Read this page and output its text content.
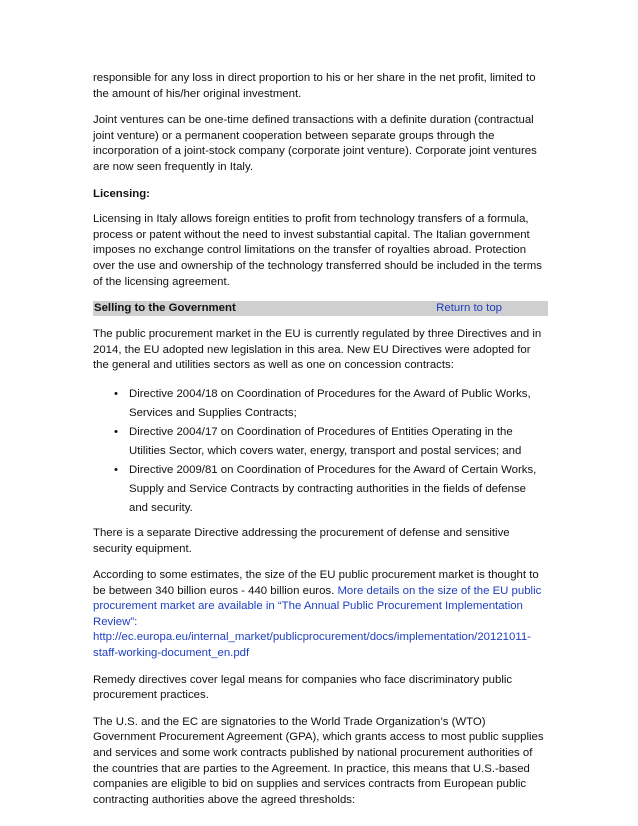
responsible for any loss in direct proportion to his or her share in the net profit, limited to the amount of his/her original investment.

Joint ventures can be one-time defined transactions with a definite duration (contractual joint venture) or a permanent cooperation between separate groups through the incorporation of a joint-stock company (corporate joint venture). Corporate joint ventures are now seen frequently in Italy.

Licensing:

Licensing in Italy allows foreign entities to profit from technology transfers of a formula, process or patent without the need to invest substantial capital. The Italian government imposes no exchange control limitations on the transfer of royalties abroad. Protection over the use and ownership of the technology transferred should be included in the terms of the licensing agreement.

Selling to the Government	Return to top

The public procurement market in the EU is currently regulated by three Directives and in 2014, the EU adopted new legislation in this area. New EU Directives were adopted for the general and utilities sectors as well as one on concession contracts:

• Directive 2004/18 on Coordination of Procedures for the Award of Public Works, Services and Supplies Contracts;
• Directive 2004/17 on Coordination of Procedures of Entities Operating in the Utilities Sector, which covers water, energy, transport and postal services; and
• Directive 2009/81 on Coordination of Procedures for the Award of Certain Works, Supply and Service Contracts by contracting authorities in the fields of defense and security.

There is a separate Directive addressing the procurement of defense and sensitive security equipment.

According to some estimates, the size of the EU public procurement market is thought to be between 340 billion euros - 440 billion euros. More details on the size of the EU public procurement market are available in “The Annual Public Procurement Implementation Review”: http://ec.europa.eu/internal_market/publicprocurement/docs/implementation/20121011-staff-working-document_en.pdf

Remedy directives cover legal means for companies who face discriminatory public procurement practices.

The U.S. and the EC are signatories to the World Trade Organization’s (WTO) Government Procurement Agreement (GPA), which grants access to most public supplies and services and some work contracts published by national procurement authorities of the countries that are parties to the Agreement. In practice, this means that U.S.-based companies are eligible to bid on supplies and services contracts from European public contracting authorities above the agreed thresholds:
